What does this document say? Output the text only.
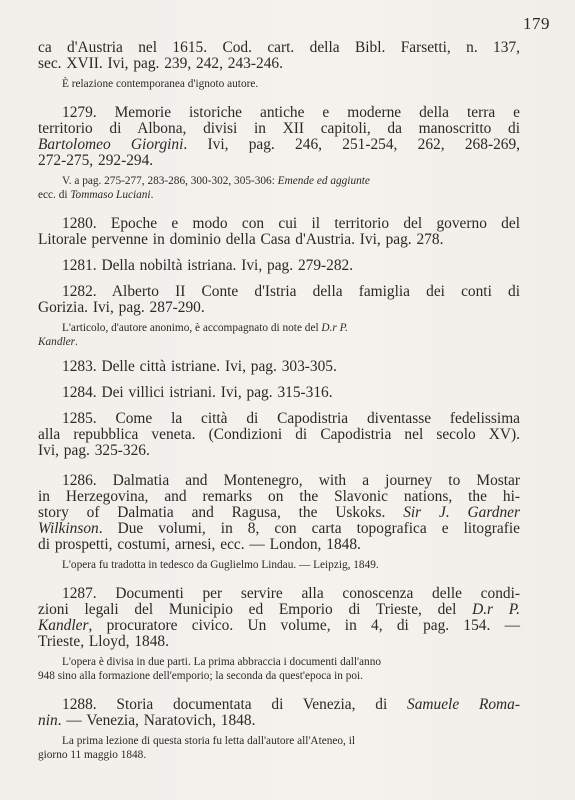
179
ca d'Austria nel 1615. Cod. cart. della Bibl. Farsetti, n. 137,
sec. XVII. Ivi, pag. 239, 242, 243-246.
È relazione contemporanea d'ignoto autore.
1279. Memorie istoriche antiche e moderne della terra e
territorio di Albona, divisi in XII capitoli, da manoscritto di
Bartolomeo Giorgini. Ivi, pag. 246, 251-254, 262, 268-269,
272-275, 292-294.
V. a pag. 275-277, 283-286, 300-302, 305-306: Emende ed aggiunte
ecc. di Tommaso Luciani.
1280. Epoche e modo con cui il territorio del governo del
Litorale pervenne in dominio della Casa d'Austria. Ivi, pag. 278.
1281. Della nobiltà istriana. Ivi, pag. 279-282.
1282. Alberto II Conte d'Istria della famiglia dei conti di
Gorizia. Ivi, pag. 287-290.
L'articolo, d'autore anonimo, è accompagnato di note del D.r P.
Kandler.
1283. Delle città istriane. Ivi, pag. 303-305.
1284. Dei villici istriani. Ivi, pag. 315-316.
1285. Come la città di Capodistria diventasse fedelissima
alla repubblica veneta. (Condizioni di Capodistria nel secolo XV).
Ivi, pag. 325-326.
1286. Dalmatia and Montenegro, with a journey to Mostar
in Herzegovina, and remarks on the Slavonic nations, the hi-
story of Dalmatia and Ragusa, the Uskoks. Sir J. Gardner
Wilkinson. Due volumi, in 8, con carta topografica e litografie
di prospetti, costumi, arnesi, ecc. — London, 1848.
L'opera fu tradotta in tedesco da Guglielmo Lindau. — Leipzig, 1849.
1287. Documenti per servire alla conoscenza delle condi-
zioni legali del Municipio ed Emporio di Trieste, del D.r P.
Kandler, procuratore civico. Un volume, in 4, di pag. 154. —
Trieste, Lloyd, 1848.
L'opera è divisa in due parti. La prima abbraccia i documenti dall'anno
948 sino alla formazione dell'emporio; la seconda da quest'epoca in poi.
1288. Storia documentata di Venezia, di Samuele Roma-
nin. — Venezia, Naratovich, 1848.
La prima lezione di questa storia fu letta dall'autore all'Ateneo, il
giorno 11 maggio 1848.
